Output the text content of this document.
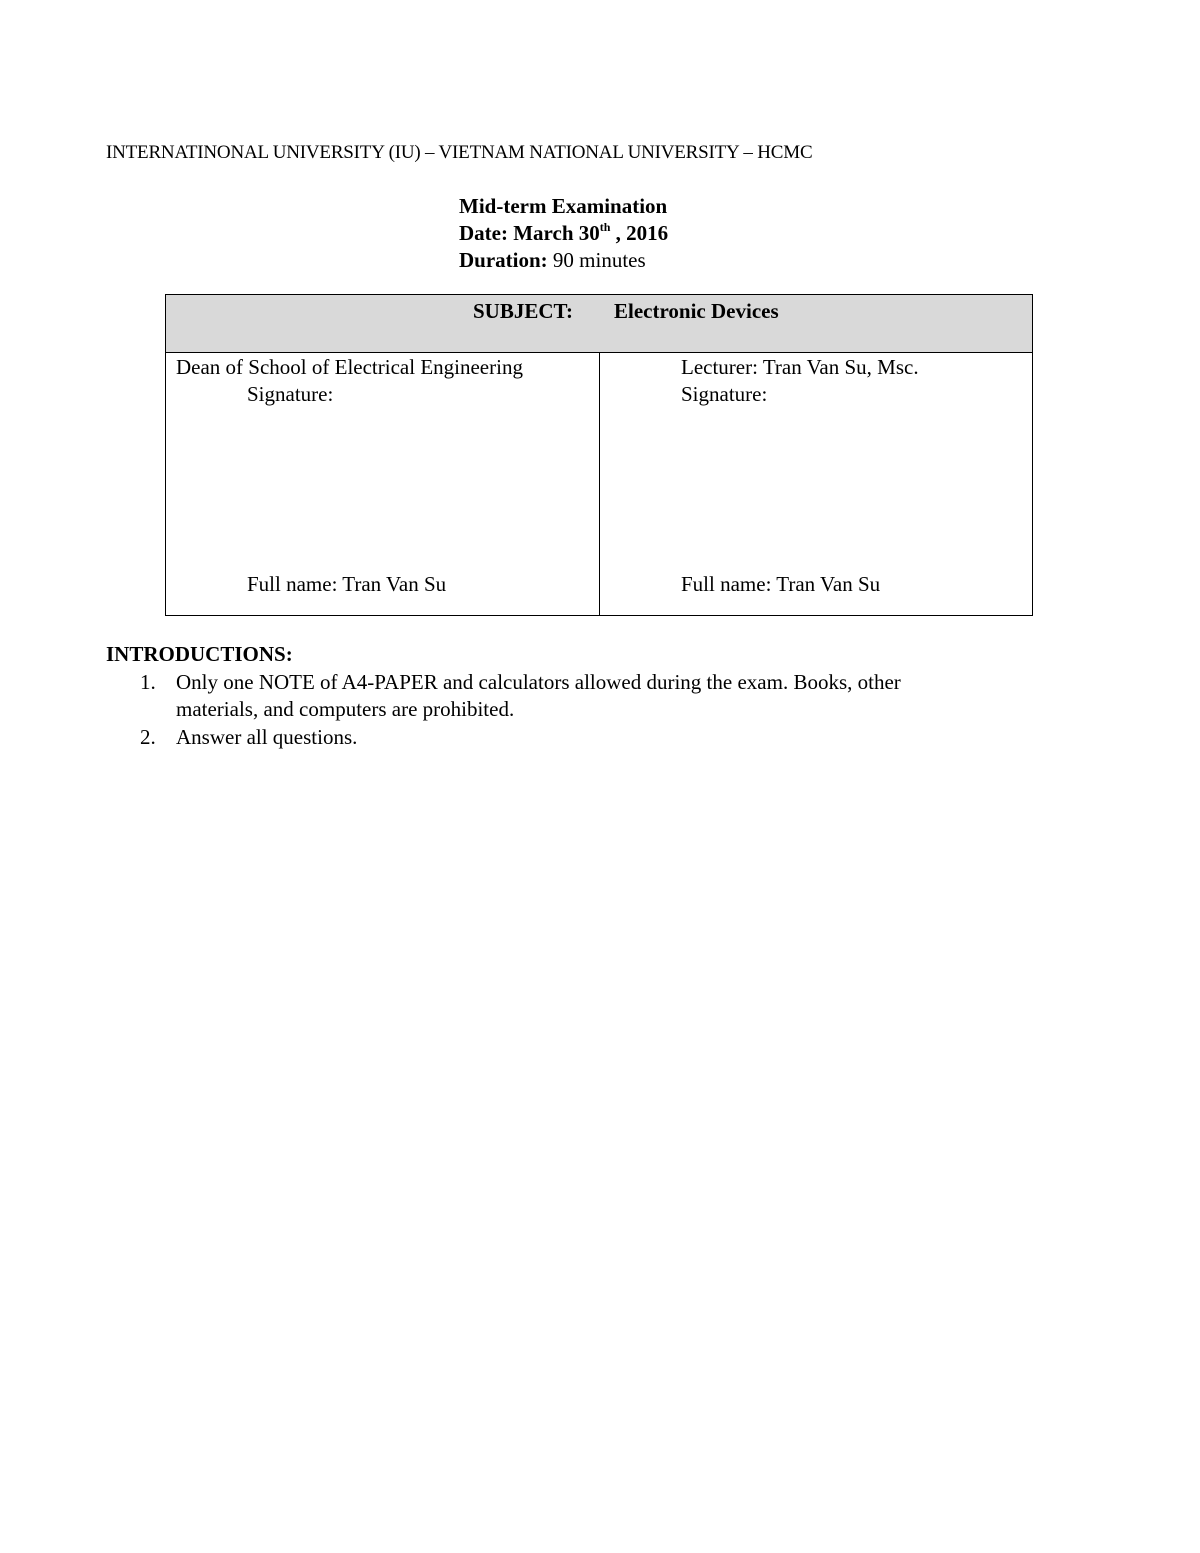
INTERNATINONAL UNIVERSITY (IU) – VIETNAM NATIONAL UNIVERSITY – HCMC
Mid-term Examination
Date: March 30th , 2016
Duration: 90 minutes
SUBJECT: Electronic Devices
Dean of School of Electrical Engineering
Signature:
Full name: Tran Van Su
Lecturer: Tran Van Su, Msc.
Signature:
Full name: Tran Van Su
INTRODUCTIONS:
1. Only one NOTE of A4-PAPER and calculators allowed during the exam. Books, other
materials, and computers are prohibited.
2. Answer all questions.
